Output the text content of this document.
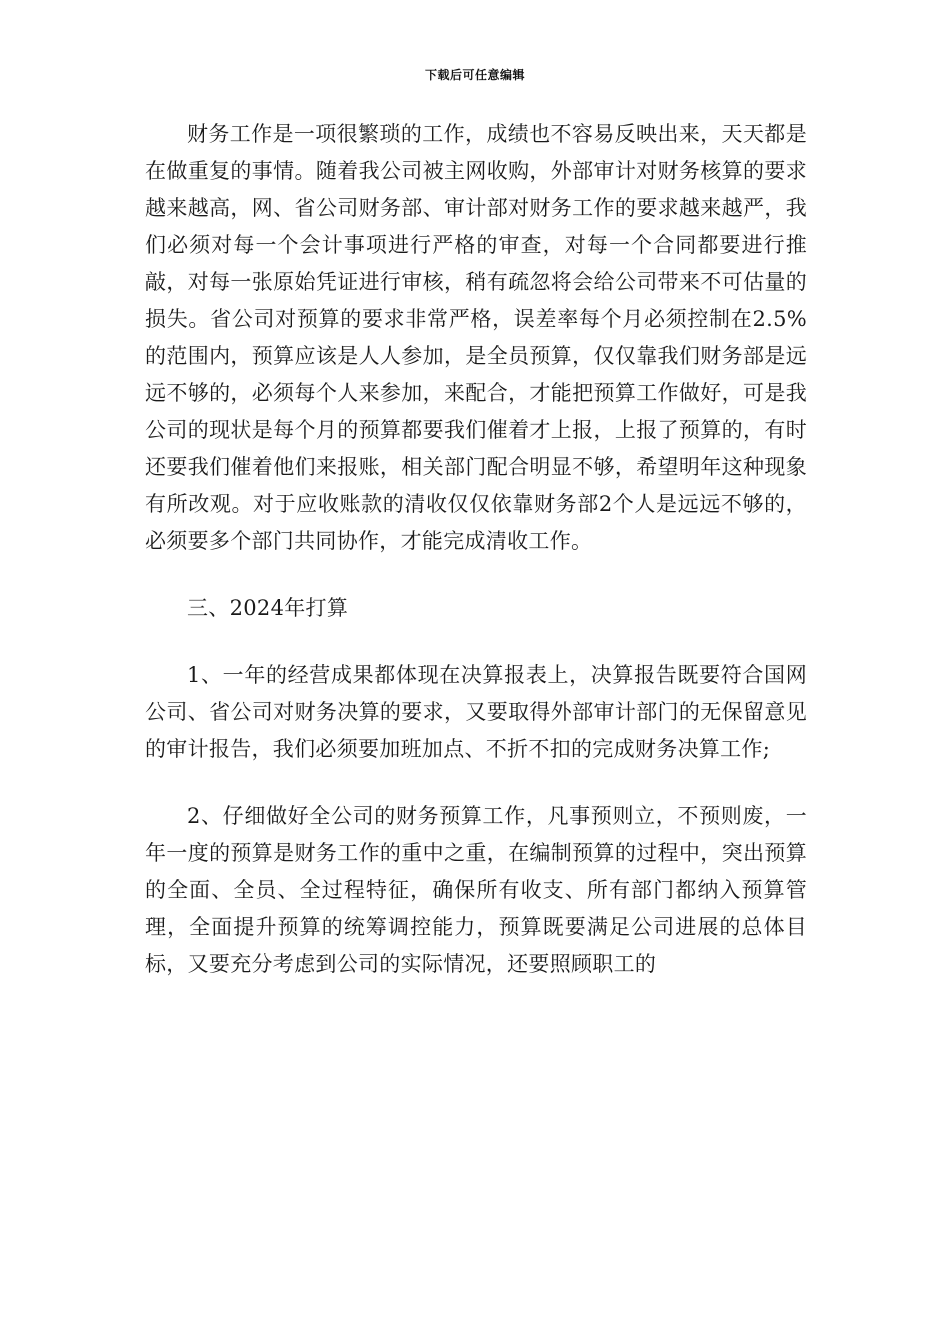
下载后可任意编辑

财务工作是一项很繁琐的工作，成绩也不容易反映出来，天天都是在做重复的事情。随着我公司被主网收购，外部审计对财务核算的要求越来越高，网、省公司财务部、审计部对财务工作的要求越来越严，我们必须对每一个会计事项进行严格的审查，对每一个合同都要进行推敲，对每一张原始凭证进行审核，稍有疏忽将会给公司带来不可估量的损失。省公司对预算的要求非常严格，误差率每个月必须控制在2.5%的范围内，预算应该是人人参加，是全员预算，仅仅靠我们财务部是远远不够的，必须每个人来参加，来配合，才能把预算工作做好，可是我公司的现状是每个月的预算都要我们催着才上报，上报了预算的，有时还要我们催着他们来报账，相关部门配合明显不够，希望明年这种现象有所改观。对于应收账款的清收仅仅依靠财务部2个人是远远不够的，必须要多个部门共同协作，才能完成清收工作。

三、2024年打算

1、一年的经营成果都体现在决算报表上，决算报告既要符合国网公司、省公司对财务决算的要求，又要取得外部审计部门的无保留意见的审计报告，我们必须要加班加点、不折不扣的完成财务决算工作;

2、仔细做好全公司的财务预算工作，凡事预则立，不预则废，一年一度的预算是财务工作的重中之重，在编制预算的过程中，突出预算的全面、全员、全过程特征，确保所有收支、所有部门都纳入预算管理，全面提升预算的统筹调控能力，预算既要满足公司进展的总体目标，又要充分考虑到公司的实际情况，还要照顾职工的
